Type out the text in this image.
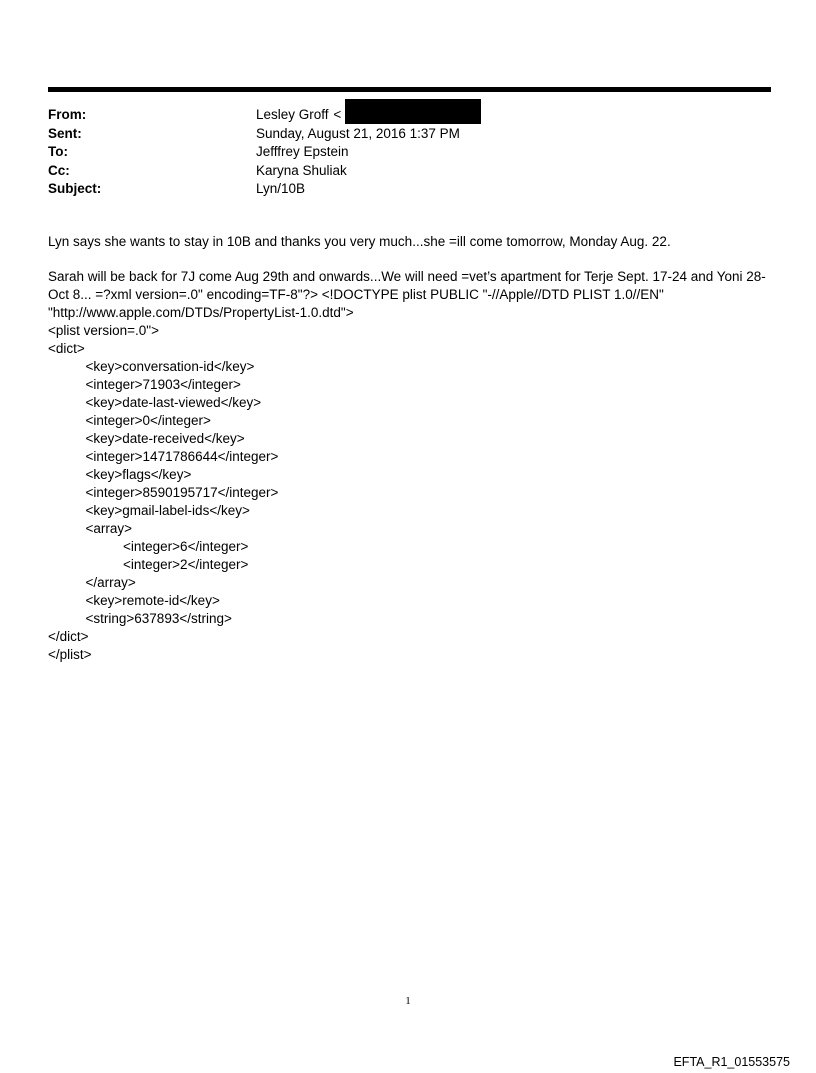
From:	Lesley Groff <
Sent:	Sunday, August 21, 2016 1:37 PM
To:	Jefffrey Epstein
Cc:	Karyna Shuliak
Subject:	Lyn/10B

Lyn says she wants to stay in 10B and thanks you very much...she =ill come tomorrow, Monday Aug. 22.

Sarah will be back for 7J come Aug 29th and onwards...We will need =vet’s apartment for Terje Sept. 17-24 and Yoni 28-
Oct 8... =?xml version=.0" encoding=TF-8"?> <!DOCTYPE plist PUBLIC "-//Apple//DTD PLIST 1.0//EN"
"http://www.apple.com/DTDs/PropertyList-1.0.dtd">
<plist version=.0">
<dict>
<key>conversation-id</key>
<integer>71903</integer>
<key>date-last-viewed</key>
<integer>0</integer>
<key>date-received</key>
<integer>1471786644</integer>
<key>flags</key>
<integer>8590195717</integer>
<key>gmail-label-ids</key>
<array>
<integer>6</integer>
<integer>2</integer>
</array>
<key>remote-id</key>
<string>637893</string>
</dict>
</plist>
1
EFTA_R1_01553575
